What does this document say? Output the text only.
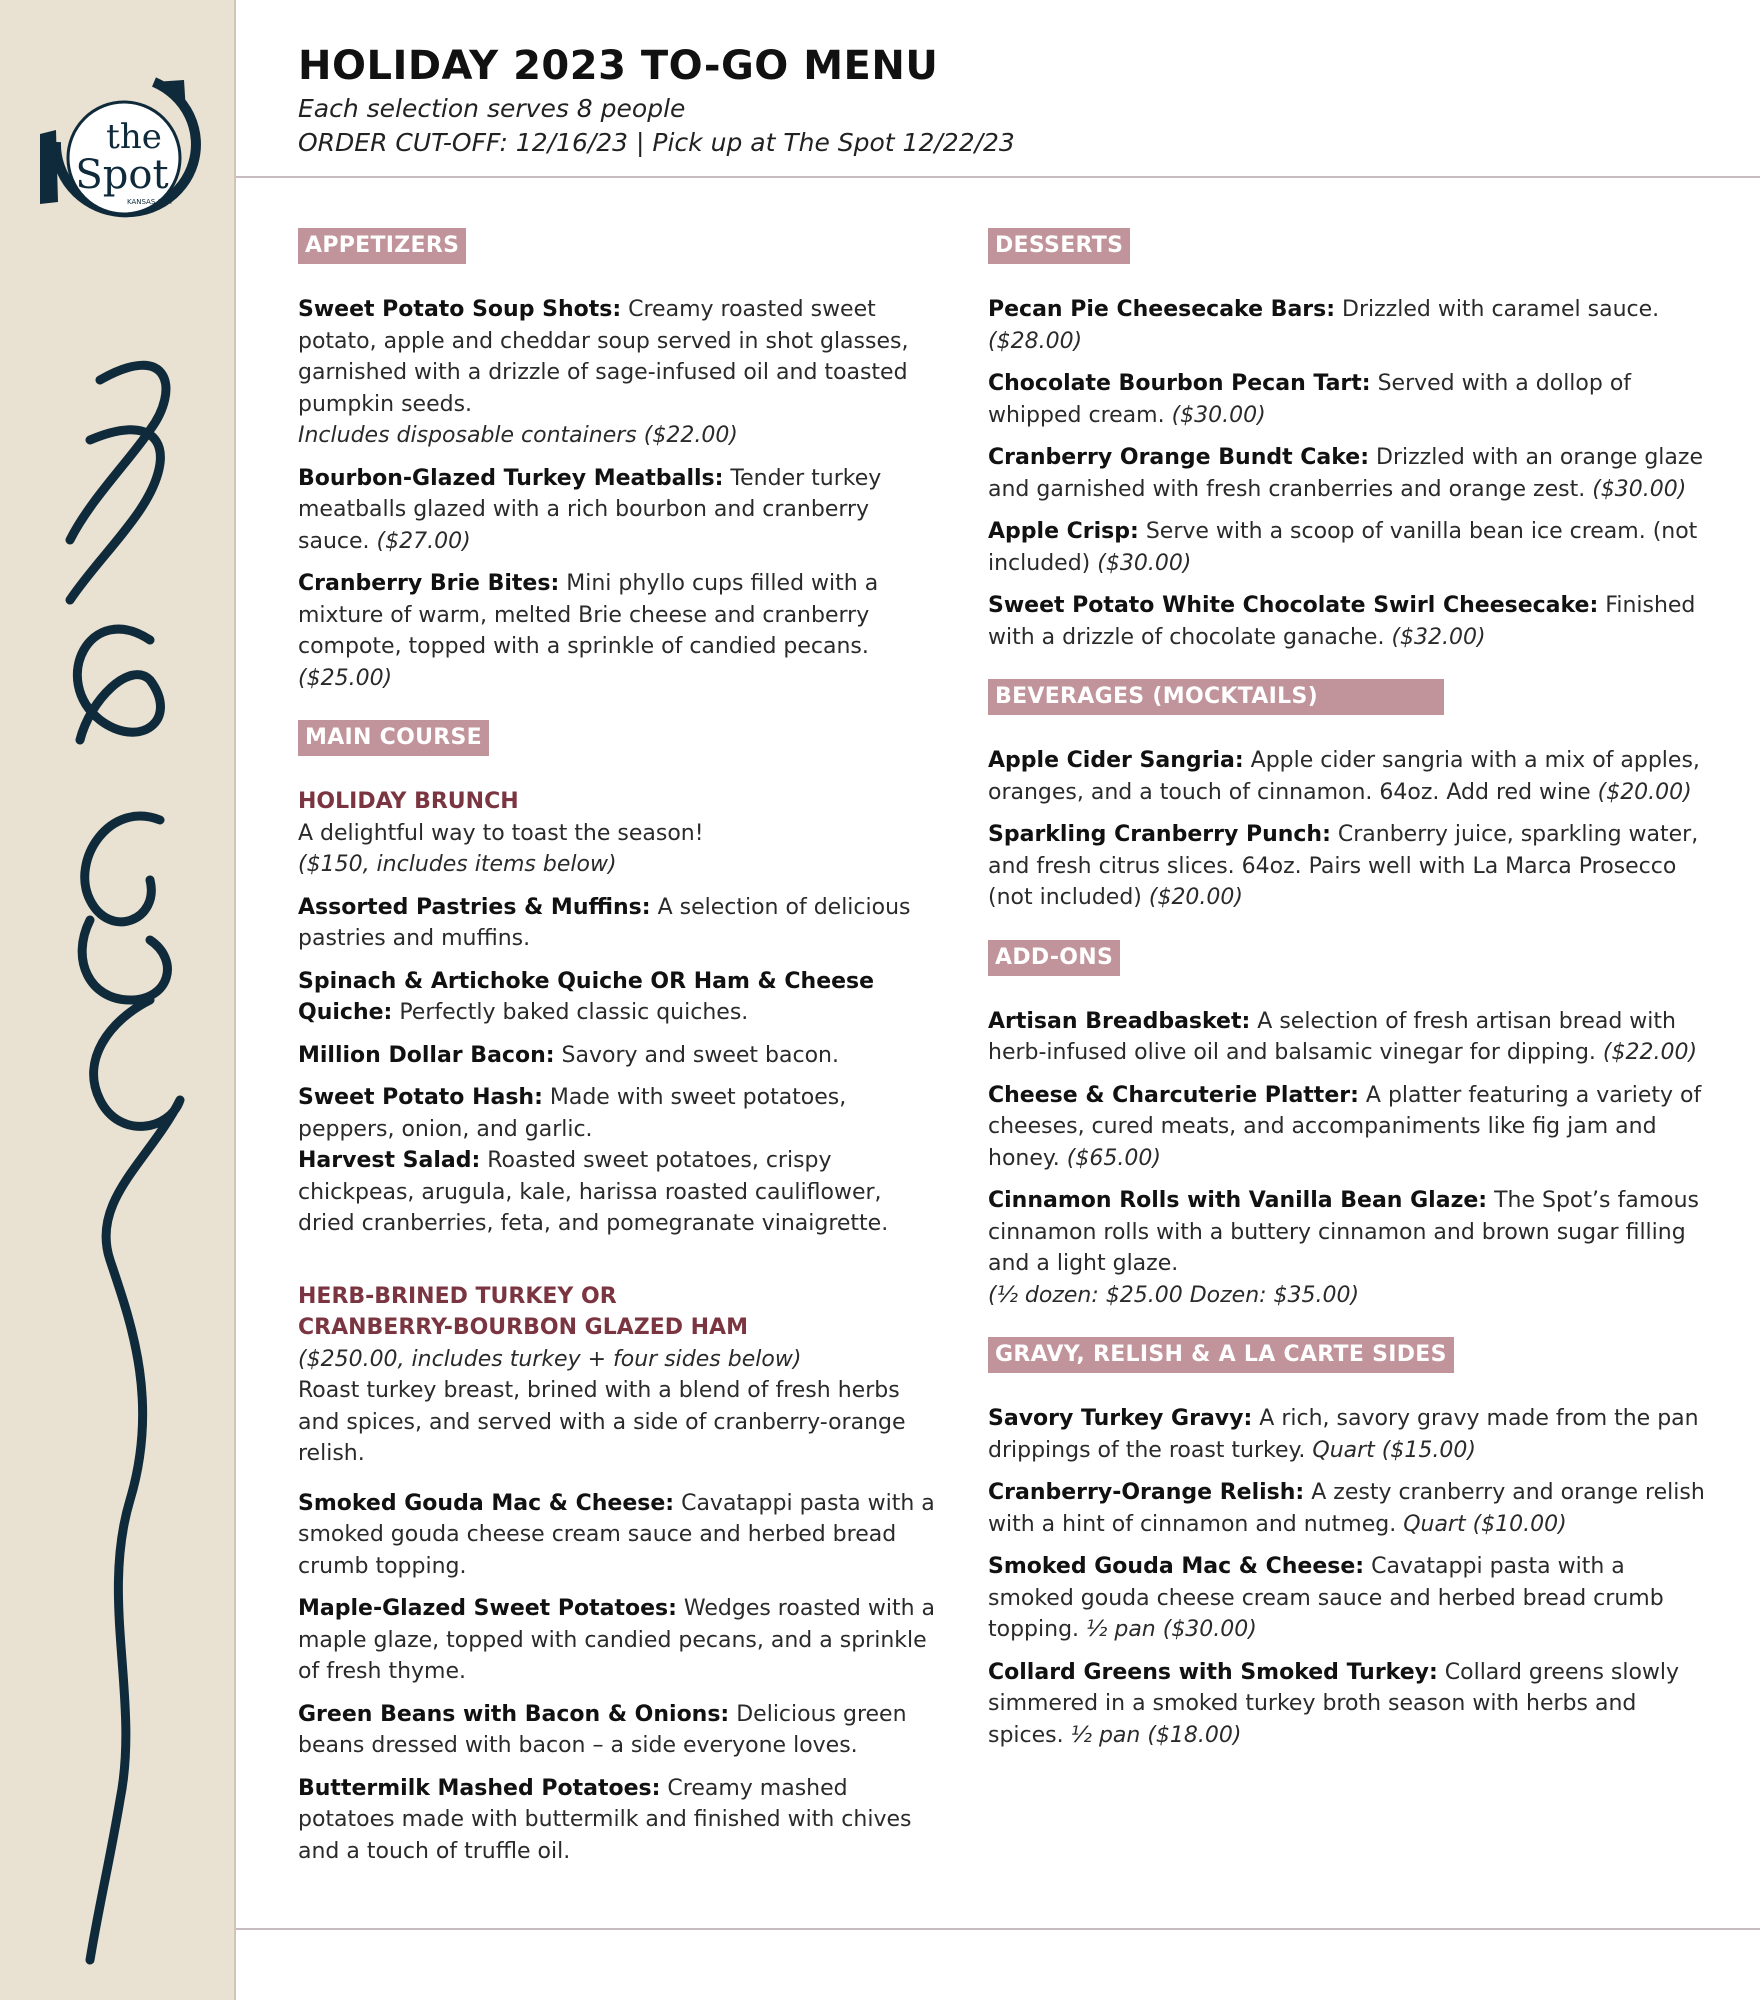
the
Spot
KANSAS CITY
HOLIDAY 2023 TO-GO MENU
Each selection serves 8 people
ORDER CUT-OFF: 12/16/23 | Pick up at The Spot 12/22/23
APPETIZERS
Sweet Potato Soup Shots: Creamy roasted sweet potato, apple and cheddar soup served in shot glasses, garnished with a drizzle of sage-infused oil and toasted pumpkin seeds.
Includes disposable containers ($22.00)
Bourbon-Glazed Turkey Meatballs: Tender turkey meatballs glazed with a rich bourbon and cranberry sauce. ($27.00)
Cranberry Brie Bites: Mini phyllo cups filled with a mixture of warm, melted Brie cheese and cranberry compote, topped with a sprinkle of candied pecans. ($25.00)
MAIN COURSE
HOLIDAY BRUNCH
A delightful way to toast the season!
($150, includes items below)
Assorted Pastries & Muffins: A selection of delicious pastries and muffins.
Spinach & Artichoke Quiche OR Ham & Cheese Quiche: Perfectly baked classic quiches.
Million Dollar Bacon: Savory and sweet bacon.
Sweet Potato Hash: Made with sweet potatoes, peppers, onion, and garlic.
Harvest Salad: Roasted sweet potatoes, crispy chickpeas, arugula, kale, harissa roasted cauliflower, dried cranberries, feta, and pomegranate vinaigrette.
HERB-BRINED TURKEY OR
CRANBERRY-BOURBON GLAZED HAM
($250.00, includes turkey + four sides below)
Roast turkey breast, brined with a blend of fresh herbs and spices, and served with a side of cranberry-orange relish.
Smoked Gouda Mac & Cheese: Cavatappi pasta with a smoked gouda cheese cream sauce and herbed bread crumb topping.
Maple-Glazed Sweet Potatoes: Wedges roasted with a maple glaze, topped with candied pecans, and a sprinkle of fresh thyme.
Green Beans with Bacon & Onions: Delicious green beans dressed with bacon – a side everyone loves.
Buttermilk Mashed Potatoes: Creamy mashed potatoes made with buttermilk and finished with chives and a touch of truffle oil.
DESSERTS
Pecan Pie Cheesecake Bars: Drizzled with caramel sauce. ($28.00)
Chocolate Bourbon Pecan Tart: Served with a dollop of whipped cream. ($30.00)
Cranberry Orange Bundt Cake: Drizzled with an orange glaze and garnished with fresh cranberries and orange zest. ($30.00)
Apple Crisp: Serve with a scoop of vanilla bean ice cream. (not included) ($30.00)
Sweet Potato White Chocolate Swirl Cheesecake: Finished with a drizzle of chocolate ganache. ($32.00)
BEVERAGES (MOCKTAILS)
Apple Cider Sangria: Apple cider sangria with a mix of apples, oranges, and a touch of cinnamon. 64oz. Add red wine ($20.00)
Sparkling Cranberry Punch: Cranberry juice, sparkling water, and fresh citrus slices. 64oz. Pairs well with La Marca Prosecco (not included) ($20.00)
ADD-ONS
Artisan Breadbasket: A selection of fresh artisan bread with herb-infused olive oil and balsamic vinegar for dipping. ($22.00)
Cheese & Charcuterie Platter: A platter featuring a variety of cheeses, cured meats, and accompaniments like fig jam and honey. ($65.00)
Cinnamon Rolls with Vanilla Bean Glaze: The Spot’s famous cinnamon rolls with a buttery cinnamon and brown sugar filling and a light glaze.
(½ dozen: $25.00 Dozen: $35.00)
GRAVY, RELISH & A LA CARTE SIDES
Savory Turkey Gravy: A rich, savory gravy made from the pan drippings of the roast turkey. Quart ($15.00)
Cranberry-Orange Relish: A zesty cranberry and orange relish with a hint of cinnamon and nutmeg. Quart ($10.00)
Smoked Gouda Mac & Cheese: Cavatappi pasta with a smoked gouda cheese cream sauce and herbed bread crumb topping. ½ pan ($30.00)
Collard Greens with Smoked Turkey: Collard greens slowly simmered in a smoked turkey broth season with herbs and spices. ½ pan ($18.00)
